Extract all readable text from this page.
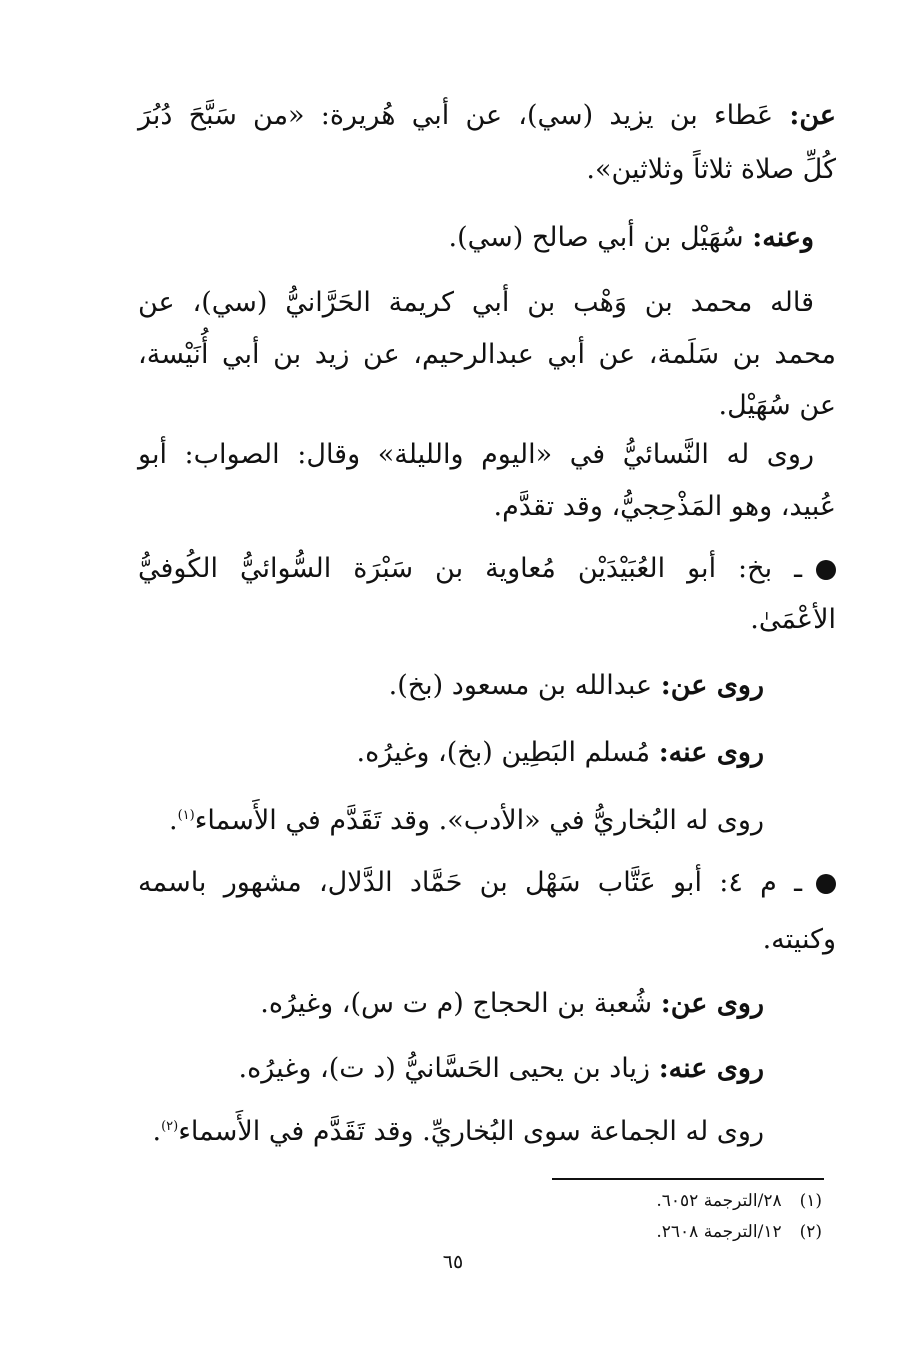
عن: عَطاء بن يزيد (سي)، عن أبي هُريرة: «من سَبَّحَ دُبُرَ
كُلِّ صلاة ثلاثاً وثلاثين».
وعنه: سُهَيْل بن أبي صالح (سي).
قاله محمد بن وَهْب بن أبي كريمة الحَرَّانيُّ (سي)، عن
محمد بن سَلَمة، عن أبي عبدالرحيم، عن زيد بن أبي أُنَيْسة،
عن سُهَيْل.
روى له النَّسائيُّ في «اليوم والليلة» وقال: الصواب: أبو
عُبيد، وهو المَذْحِجيُّ، وقد تقدَّم.
ـ بخ: أبو العُبَيْدَيْن مُعاوية بن سَبْرَة السُّوائيُّ الكُوفيُّ
الأعْمَىٰ.
روى عن: عبدالله بن مسعود (بخ).
روى عنه: مُسلم البَطِين (بخ)، وغيرُه.
روى له البُخاريُّ في «الأدب». وقد تَقَدَّم في الأَسماء$^{(١)}$.
ـ م ٤: أبو عَتَّاب سَهْل بن حَمَّاد الدَّلال، مشهور باسمه
وكنيته.
روى عن: شُعبة بن الحجاج (م ت س)، وغيرُه.
روى عنه: زياد بن يحيى الحَسَّانيُّ (د ت)، وغيرُه.
روى له الجماعة سوى البُخاريِّ. وقد تَقَدَّم في الأَسماء$^{(٢)}$.
(١)٢٨/الترجمة ٦٠٥٢.
(٢)١٢/الترجمة ٢٦٠٨.
٦٥
